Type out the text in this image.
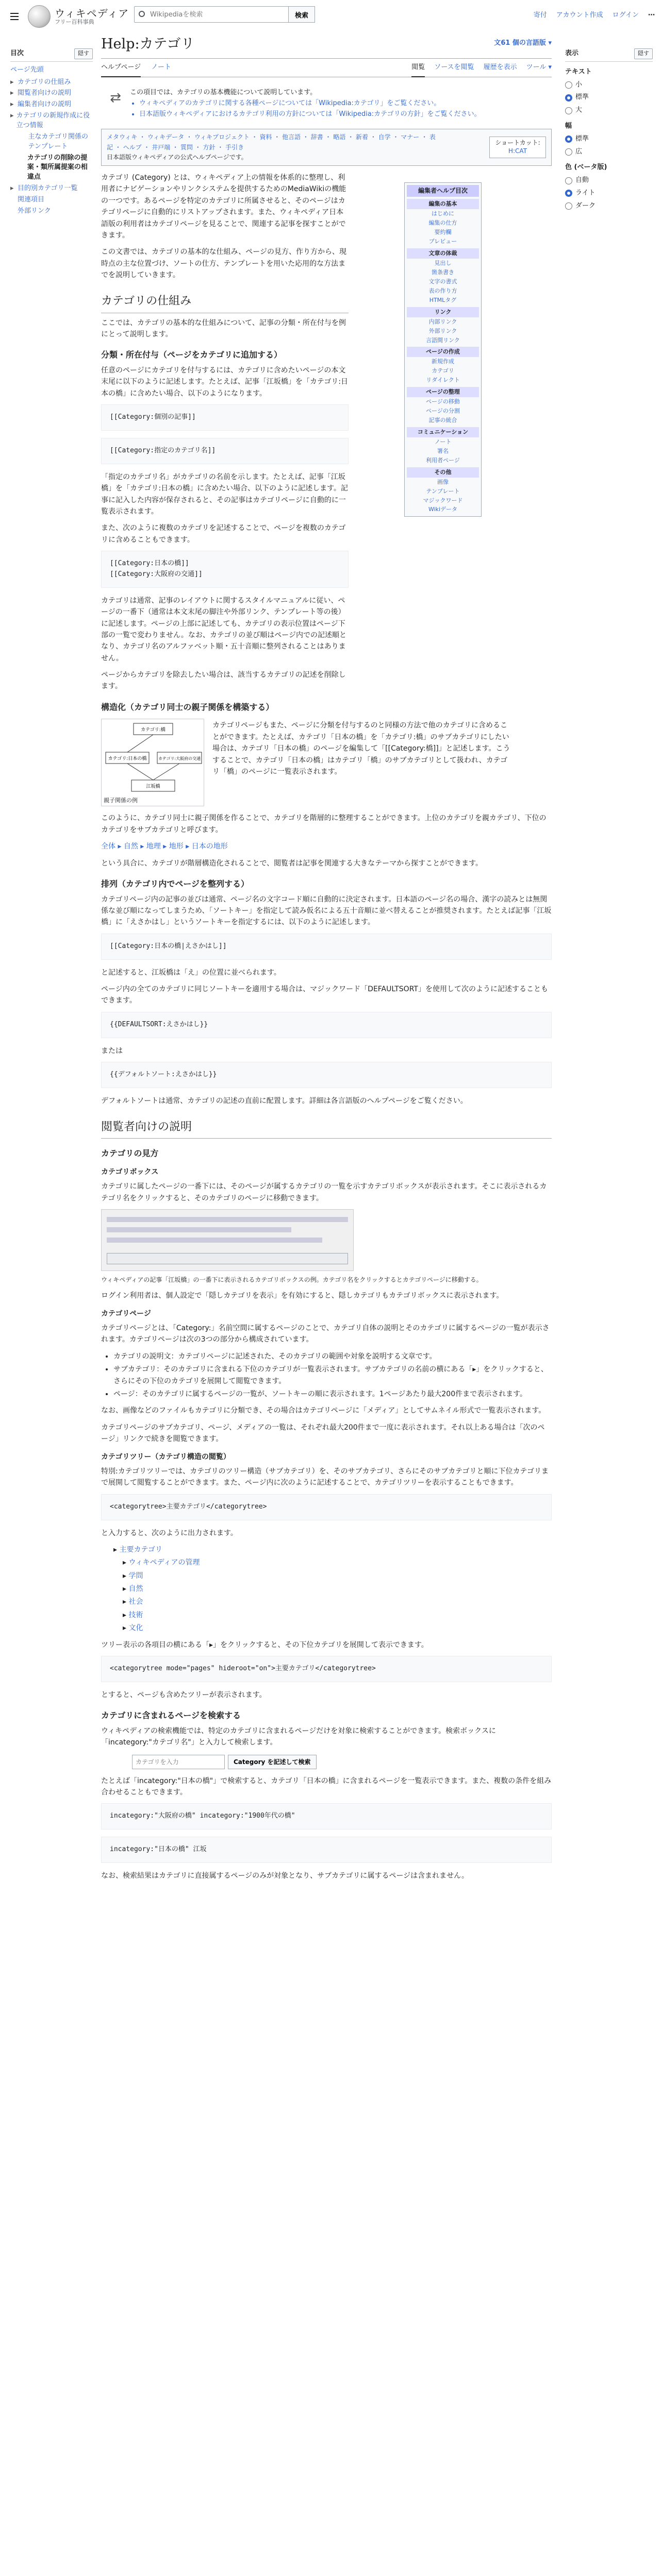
ウィキペディア
フリー百科事典
Wikipediaを検索
検索	寄付 アカウント作成 ログイン ⋯
目次	隠す
ページ先頭
▸ カテゴリの仕組み
▸ 閲覧者向けの説明
▸ 編集者向けの説明
▸ カテゴリの新規作成に役立つ情報
主なカテゴリ関係のテンプレート
カテゴリの削除の提案・類所属提案の相違点
▸ 目的別カテゴリ一覧
関連項目
外部リンク
Help:カテゴリ	文61 個の言語版 ▾
ヘルプページ ノート	閲覧 ソースを閲覧 履歴を表示 ツール ▾
⇄	この項目では、カテゴリの基本機能について説明しています。
• ウィキペディアのカテゴリに関する各種ページについては「Wikipedia:カテゴリ」をご覧ください。
• 日本語版ウィキペディアにおけるカテゴリ利用の方針については「Wikipedia:カテゴリの方針」をご覧ください。
メタウィキ ・ ウィキデータ ・ ウィキプロジェクト ・ 資料 ・ 他言語 ・ 辞書 ・ 略語 ・ 新着 ・ 自学 ・ マナー ・ 表記 ・ ヘルプ ・ 井戸端 ・ 質問 ・ 方針 ・ 手引き
日本語版ウィキペディアの公式ヘルプページです。
ショートカット:
H:CAT

カテゴリ (Category) とは、ウィキペディア上の情報を体系的に整理し、利用者にナビゲーションやリンクシステムを提供するためのMediaWikiの機能の一つです。あるページを特定のカテゴリに所属させると、そのページはカテゴリページに自動的にリストアップされます。また、ウィキペディア日本語版の利用者はカテゴリページを見ることで、関連する記事を探すことができます。

この文書では、カテゴリの基本的な仕組み、ページの見方、作り方から、現時点の主な位置づけ、ソートの仕方、テンプレートを用いた応用的な方法までを説明していきます。

カテゴリの仕組み

ここでは、カテゴリの基本的な仕組みについて、記事の分類・所在付与を例にとって説明します。

分類・所在付与（ページをカテゴリに追加する）

任意のページにカテゴリを付与するには、カテゴリに含めたいページの本文末尾に以下のように記述します。たとえば、記事「江坂橋」を「カテゴリ:日本の橋」に含めたい場合、以下のようになります。

[[Category:個別の記事]]
[[Category:指定のカテゴリ名]]

「指定のカテゴリ名」がカテゴリの名前を示します。たとえば、記事「江坂橋」を「カテゴリ:日本の橋」に含めたい場合、以下のように記述します。記事に記入した内容が保存されると、その記事はカテゴリページに自動的に一覧表示されます。

また、次のように複数のカテゴリを記述することで、ページを複数のカテゴリに含めることもできます。

[[Category:日本の橋]]
[[Category:大阪府の交通]]

カテゴリは通常、記事のレイアウトに関するスタイルマニュアルに従い、ページの一番下（通常は本文末尾の脚注や外部リンク、テンプレート等の後）に記述します。ページの上部に記述しても、カテゴリの表示位置はページ下部の一覧で変わりません。なお、カテゴリの並び順はページ内での記述順となり、カテゴリ名のアルファベット順・五十音順に整列されることはありません。

ページからカテゴリを除去したい場合は、該当するカテゴリの記述を削除します。

構造化（カテゴリ同士の親子関係を構築する）
カテゴリ:橋
カテゴリ:日本の橋
江坂橋
カテゴリ:大阪府の交通
親子関係の例

カテゴリページもまた、ページに分類を付与するのと同様の方法で他のカテゴリに含めることができます。たとえば、カテゴリ「日本の橋」を「カテゴリ:橋」のサブカテゴリにしたい場合は、カテゴリ「日本の橋」のページを編集して「[[Category:橋]]」と記述します。こうすることで、カテゴリ「日本の橋」はカテゴリ「橋」のサブカテゴリとして扱われ、カテゴリ「橋」のページに一覧表示されます。

このように、カテゴリ同士に親子関係を作ることで、カテゴリを階層的に整理することができます。上位のカテゴリを親カテゴリ、下位のカテゴリをサブカテゴリと呼びます。

全体 ▸ 自然 ▸ 地理 ▸ 地形 ▸ 日本の地形

という具合に、カテゴリが階層構造化されることで、閲覧者は記事を関連する大きなテーマから探すことができます。

排列（カテゴリ内でページを整列する）

カテゴリページ内の記事の並びは通常、ページ名の文字コード順に自動的に決定されます。日本語のページ名の場合、漢字の読みとは無関係な並び順になってしまうため、「ソートキー」を指定して読み仮名による五十音順に並べ替えることが推奨されます。たとえば記事「江坂橋」に「えさかはし」というソートキーを指定するには、以下のように記述します。

[[Category:日本の橋|えさかはし]]

と記述すると、江坂橋は「え」の位置に並べられます。

ページ内の全てのカテゴリに同じソートキーを適用する場合は、マジックワード「DEFAULTSORT」を使用して次のように記述することもできます。

{{DEFAULTSORT:えさかはし}}

または

{{デフォルトソート:えさかはし}}

デフォルトソートは通常、カテゴリの記述の直前に配置します。詳細は各言語版のヘルプページをご覧ください。

閲覧者向けの説明
カテゴリの見方
カテゴリボックス

カテゴリに属したページの一番下には、そのページが属するカテゴリの一覧を示すカテゴリボックスが表示されます。そこに表示されるカテゴリ名をクリックすると、そのカテゴリのページに移動できます。

ウィキペディアの記事「江坂橋」の一番下に表示されるカテゴリボックスの例。カテゴリ名をクリックするとカテゴリページに移動する。

ログイン利用者は、個人設定で「隠しカテゴリを表示」を有効にすると、隠しカテゴリもカテゴリボックスに表示されます。

カテゴリページ

カテゴリページとは、「Category:」名前空間に属するページのことで、カテゴリ自体の説明とそのカテゴリに属するページの一覧が表示されます。カテゴリページは次の3つの部分から構成されています。

• カテゴリの説明文：カテゴリページに記述された、そのカテゴリの範囲や対象を説明する文章です。
• サブカテゴリ：そのカテゴリに含まれる下位のカテゴリが一覧表示されます。サブカテゴリの名前の横にある「▸」をクリックすると、さらにその下位のカテゴリを展開して閲覧できます。
• ページ：そのカテゴリに属するページの一覧が、ソートキーの順に表示されます。1ページあたり最大200件まで表示されます。

なお、画像などのファイルもカテゴリに分類でき、その場合はカテゴリページに「メディア」としてサムネイル形式で一覧表示されます。

カテゴリページのサブカテゴリ、ページ、メディアの一覧は、それぞれ最大200件まで一度に表示されます。それ以上ある場合は「次のページ」リンクで続きを閲覧できます。

カテゴリツリー（カテゴリ構造の閲覧）

特別:カテゴリツリーでは、カテゴリのツリー構造（サブカテゴリ）を、そのサブカテゴリ、さらにそのサブカテゴリと順に下位カテゴリまで展開して閲覧することができます。また、ページ内に次のように記述することで、カテゴリツリーを表示することもできます。

<categorytree>主要カテゴリ</categorytree>

と入力すると、次のように出力されます。

▸ 主要カテゴリ
▸ ウィキペディアの管理
▸ 学問
▸ 自然
▸ 社会
▸ 技術
▸ 文化

ツリー表示の各項目の横にある「▸」をクリックすると、その下位カテゴリを展開して表示できます。

<categorytree mode="pages" hideroot="on">主要カテゴリ</categorytree>

とすると、ページも含めたツリーが表示されます。

カテゴリに含まれるページを検索する

ウィキペディアの検索機能では、特定のカテゴリに含まれるページだけを対象に検索することができます。検索ボックスに「incategory:"カテゴリ名"」と入力して検索します。

カテゴリを入力
Category を記述して検索

たとえば「incategory:"日本の橋"」で検索すると、カテゴリ「日本の橋」に含まれるページを一覧表示できます。また、複数の条件を組み合わせることもできます。

incategory:"大阪府の橋" incategory:"1900年代の橋"
incategory:"日本の橋" 江坂

なお、検索結果はカテゴリに直接属するページのみが対象となり、サブカテゴリに属するページは含まれません。

編集者ヘルプ目次
編集の基本
はじめに
編集の仕方
要約欄
プレビュー
文章の体裁
見出し
箇条書き
文字の書式
表の作り方
HTMLタグ
リンク
内部リンク
外部リンク
言語間リンク
ページの作成
新規作成
カテゴリ
リダイレクト
ページの整理
ページの移動
ページの分割
記事の統合
コミュニケーション
ノート
署名
利用者ページ
その他
画像
テンプレート
マジックワード
Wikiデータ
表示	隠す
テキスト
小
標準
大
幅
標準
広
色 (ベータ版)
自動
ライト
ダーク
